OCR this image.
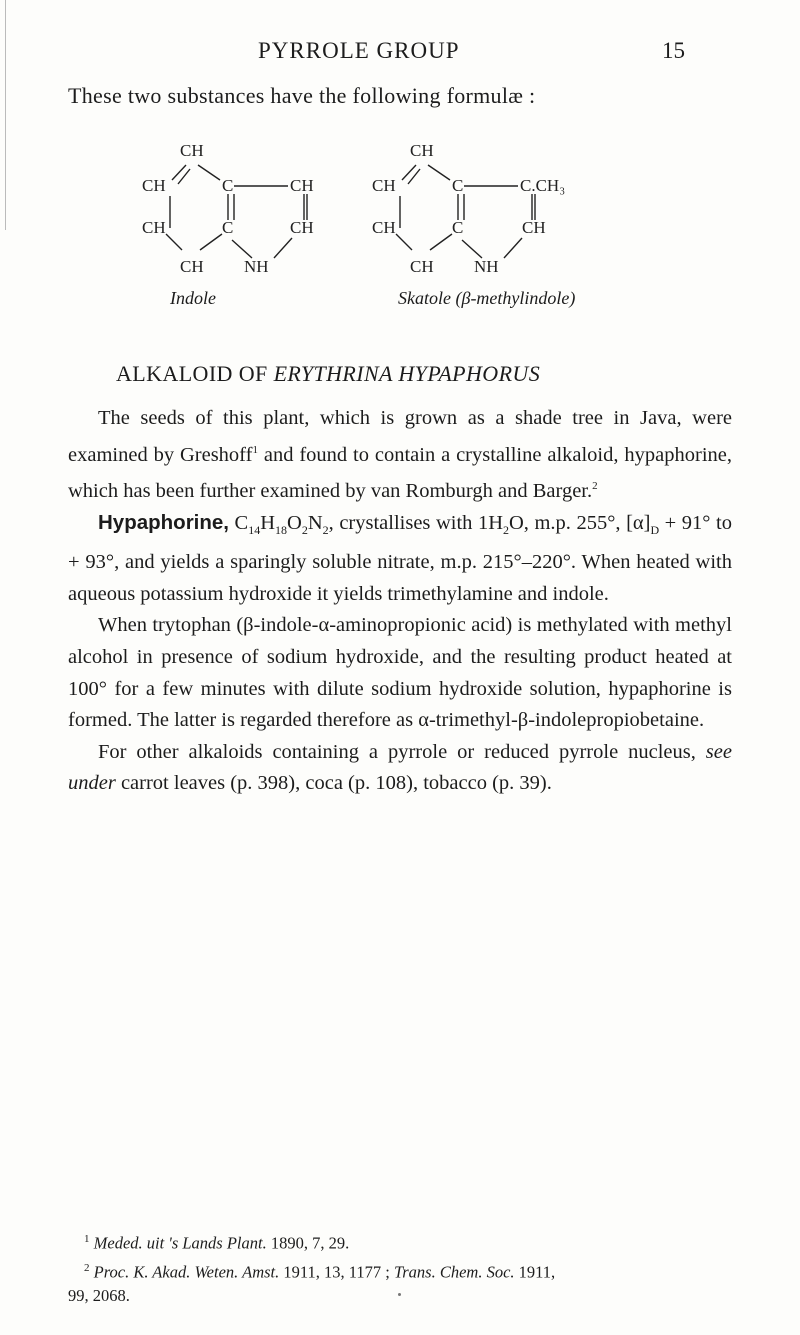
PYRROLE GROUP	15
These two substances have the following formulæ :
CH
CH	C	CH
CH	C	CH
CH NH
Indole
CH
CH	C	C.CH₃
CH	C	CH
CH NH
Skatole (β-methylindole)
ALKALOID OF ERYTHRINA HYPAPHORUS

The seeds of this plant, which is grown as a shade tree in Java, were examined by Greshoff$^1$ and found to contain a crystalline alkaloid, hypaphorine, which has been further examined by van Romburgh and Barger.$^2$

Hypaphorine, $C_{14}H_{18}O_2N_2$, crystallises with $1H_2O$, m.p. 255°, $[\alpha]_D + 91^\circ$ to + 93°, and yields a sparingly soluble nitrate, m.p. 215°–220°. When heated with aqueous potassium hydroxide it yields trimethylamine and indole.

When trytophan (β-indole-α-aminopropionic acid) is methylated with methyl alcohol in presence of sodium hydroxide, and the resulting product heated at 100° for a few minutes with dilute sodium hydroxide solution, hypaphorine is formed. The latter is regarded therefore as α-trimethyl-β-indolepropiobetaine.

For other alkaloids containing a pyrrole or reduced pyrrole nucleus, see under carrot leaves (p. 398), coca (p. 108), tobacco (p. 39).

$^1$ Meded. uit 's Lands Plant. 1890, 7, 29.

$^2$ Proc. K. Akad. Weten. Amst. 1911, 13, 1177 ; Trans. Chem. Soc. 1911,

99, 2068.
